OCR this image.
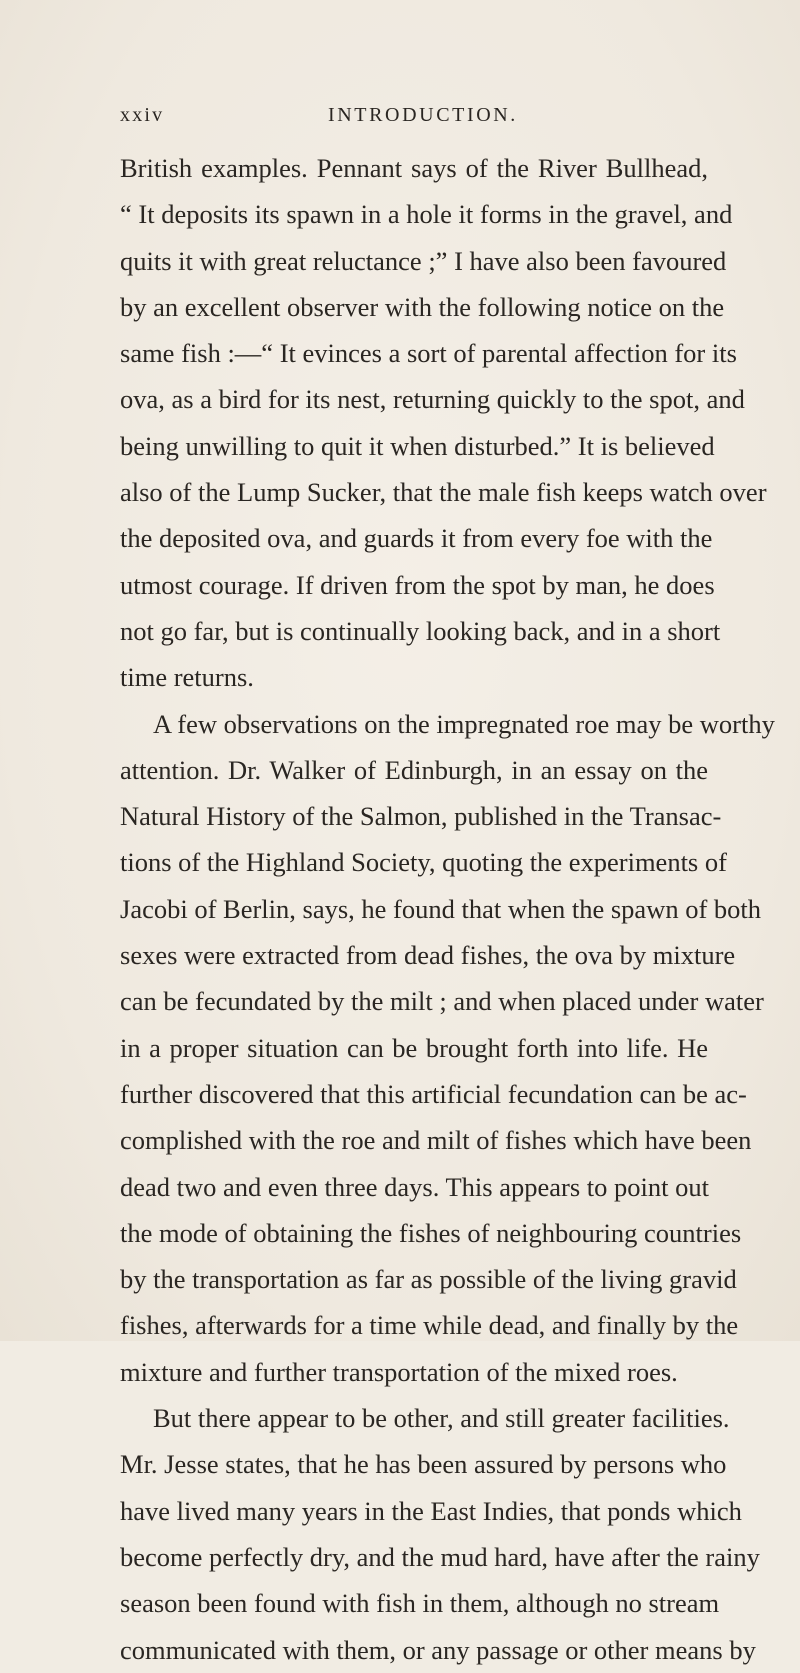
xxiv	INTRODUCTION.
British examples. Pennant says of the River Bullhead,
“ It deposits its spawn in a hole it forms in the gravel, and
quits it with great reluctance ;” I have also been favoured
by an excellent observer with the following notice on the
same fish :—“ It evinces a sort of parental affection for its
ova, as a bird for its nest, returning quickly to the spot, and
being unwilling to quit it when disturbed.” It is believed
also of the Lump Sucker, that the male fish keeps watch over
the deposited ova, and guards it from every foe with the
utmost courage. If driven from the spot by man, he does
not go far, but is continually looking back, and in a short
time returns.
A few observations on the impregnated roe may be worthy
attention. Dr. Walker of Edinburgh, in an essay on the
Natural History of the Salmon, published in the Transac-
tions of the Highland Society, quoting the experiments of
Jacobi of Berlin, says, he found that when the spawn of both
sexes were extracted from dead fishes, the ova by mixture
can be fecundated by the milt ; and when placed under water
in a proper situation can be brought forth into life. He
further discovered that this artificial fecundation can be ac-
complished with the roe and milt of fishes which have been
dead two and even three days. This appears to point out
the mode of obtaining the fishes of neighbouring countries
by the transportation as far as possible of the living gravid
fishes, afterwards for a time while dead, and finally by the
mixture and further transportation of the mixed roes.
But there appear to be other, and still greater facilities.
Mr. Jesse states, that he has been assured by persons who
have lived many years in the East Indies, that ponds which
become perfectly dry, and the mud hard, have after the rainy
season been found with fish in them, although no stream
communicated with them, or any passage or other means by
